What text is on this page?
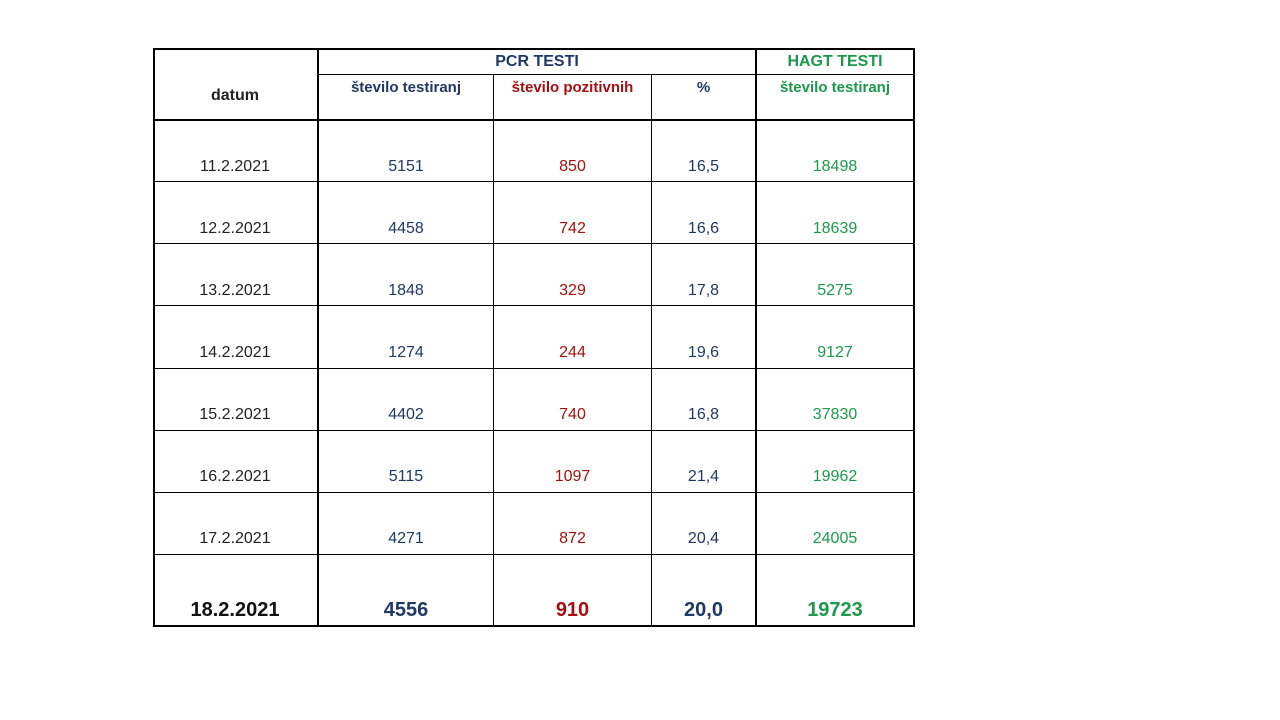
datum
PCR TESTI	HAGT TESTI
število testiranj	število pozitivnih	%	število testiranj
11.2.2021	5151	850	16,5	18498
12.2.2021	4458	742	16,6	18639
13.2.2021	1848	329	17,8	5275
14.2.2021	1274	244	19,6	9127
15.2.2021	4402	740	16,8	37830
16.2.2021	5115	1097	21,4	19962
17.2.2021	4271	872	20,4	24005
18.2.2021	4556	910	20,0	19723
